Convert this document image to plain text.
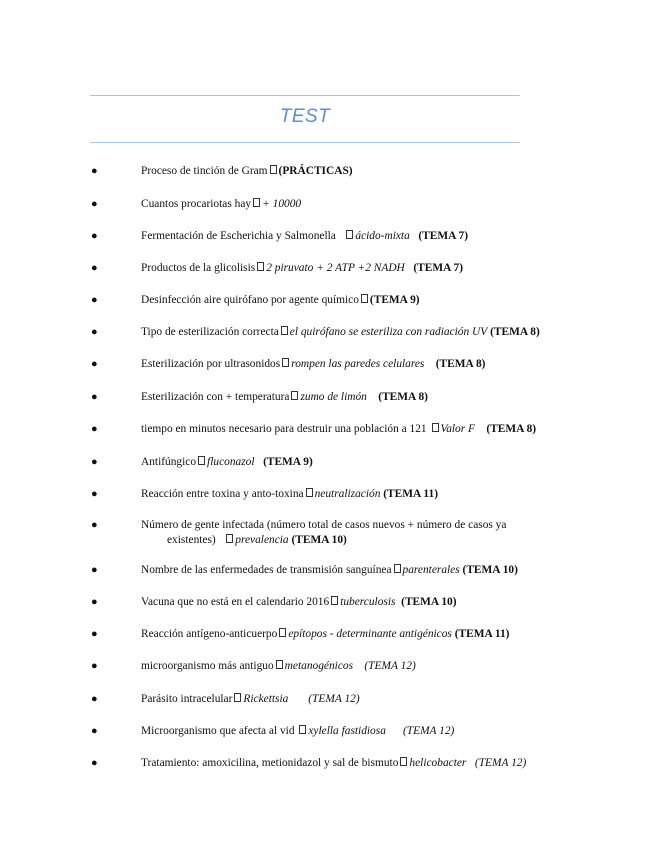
TEST
●	Proceso de tinción de Gram (PRÁCTICAS)
●	Cuantos procariotas hay + 10000
●	Fermentación de Escherichia y Salmonella ácido-mixta (TEMA 7)
●	Productos de la glicolisis 2 piruvato + 2 ATP +2 NADH (TEMA 7)
●	Desinfección aire quirófano por agente químico (TEMA 9)
●	Tipo de esterilización correcta el quirófano se esteriliza con radiación UV (TEMA 8)
●	Esterilización por ultrasonidos rompen las paredes celulares (TEMA 8)
●	Esterilización con + temperatura zumo de limón (TEMA 8)
●	tiempo en minutos necesario para destruir una población a 121 Valor F (TEMA 8)
●	Antifúngico fluconazol (TEMA 9)
●	Reacción entre toxina y anto-toxina neutralización (TEMA 11)
●	Número de gente infectada (número total de casos nuevos + número de casos ya
existentes) prevalencia (TEMA 10)
●	Nombre de las enfermedades de transmisión sanguínea parenterales (TEMA 10)
●	Vacuna que no está en el calendario 2016 tuberculosis (TEMA 10)
●	Reacción antígeno-anticuerpo epítopos - determinante antigénicos (TEMA 11)
●	microorganismo más antiguo metanogénicos (TEMA 12)
●	Parásito intracelular Rickettsia (TEMA 12)
●	Microorganismo que afecta al vid xylella fastidiosa (TEMA 12)
●	Tratamiento: amoxicilina, metionidazol y sal de bismuto helicobacter (TEMA 12)
